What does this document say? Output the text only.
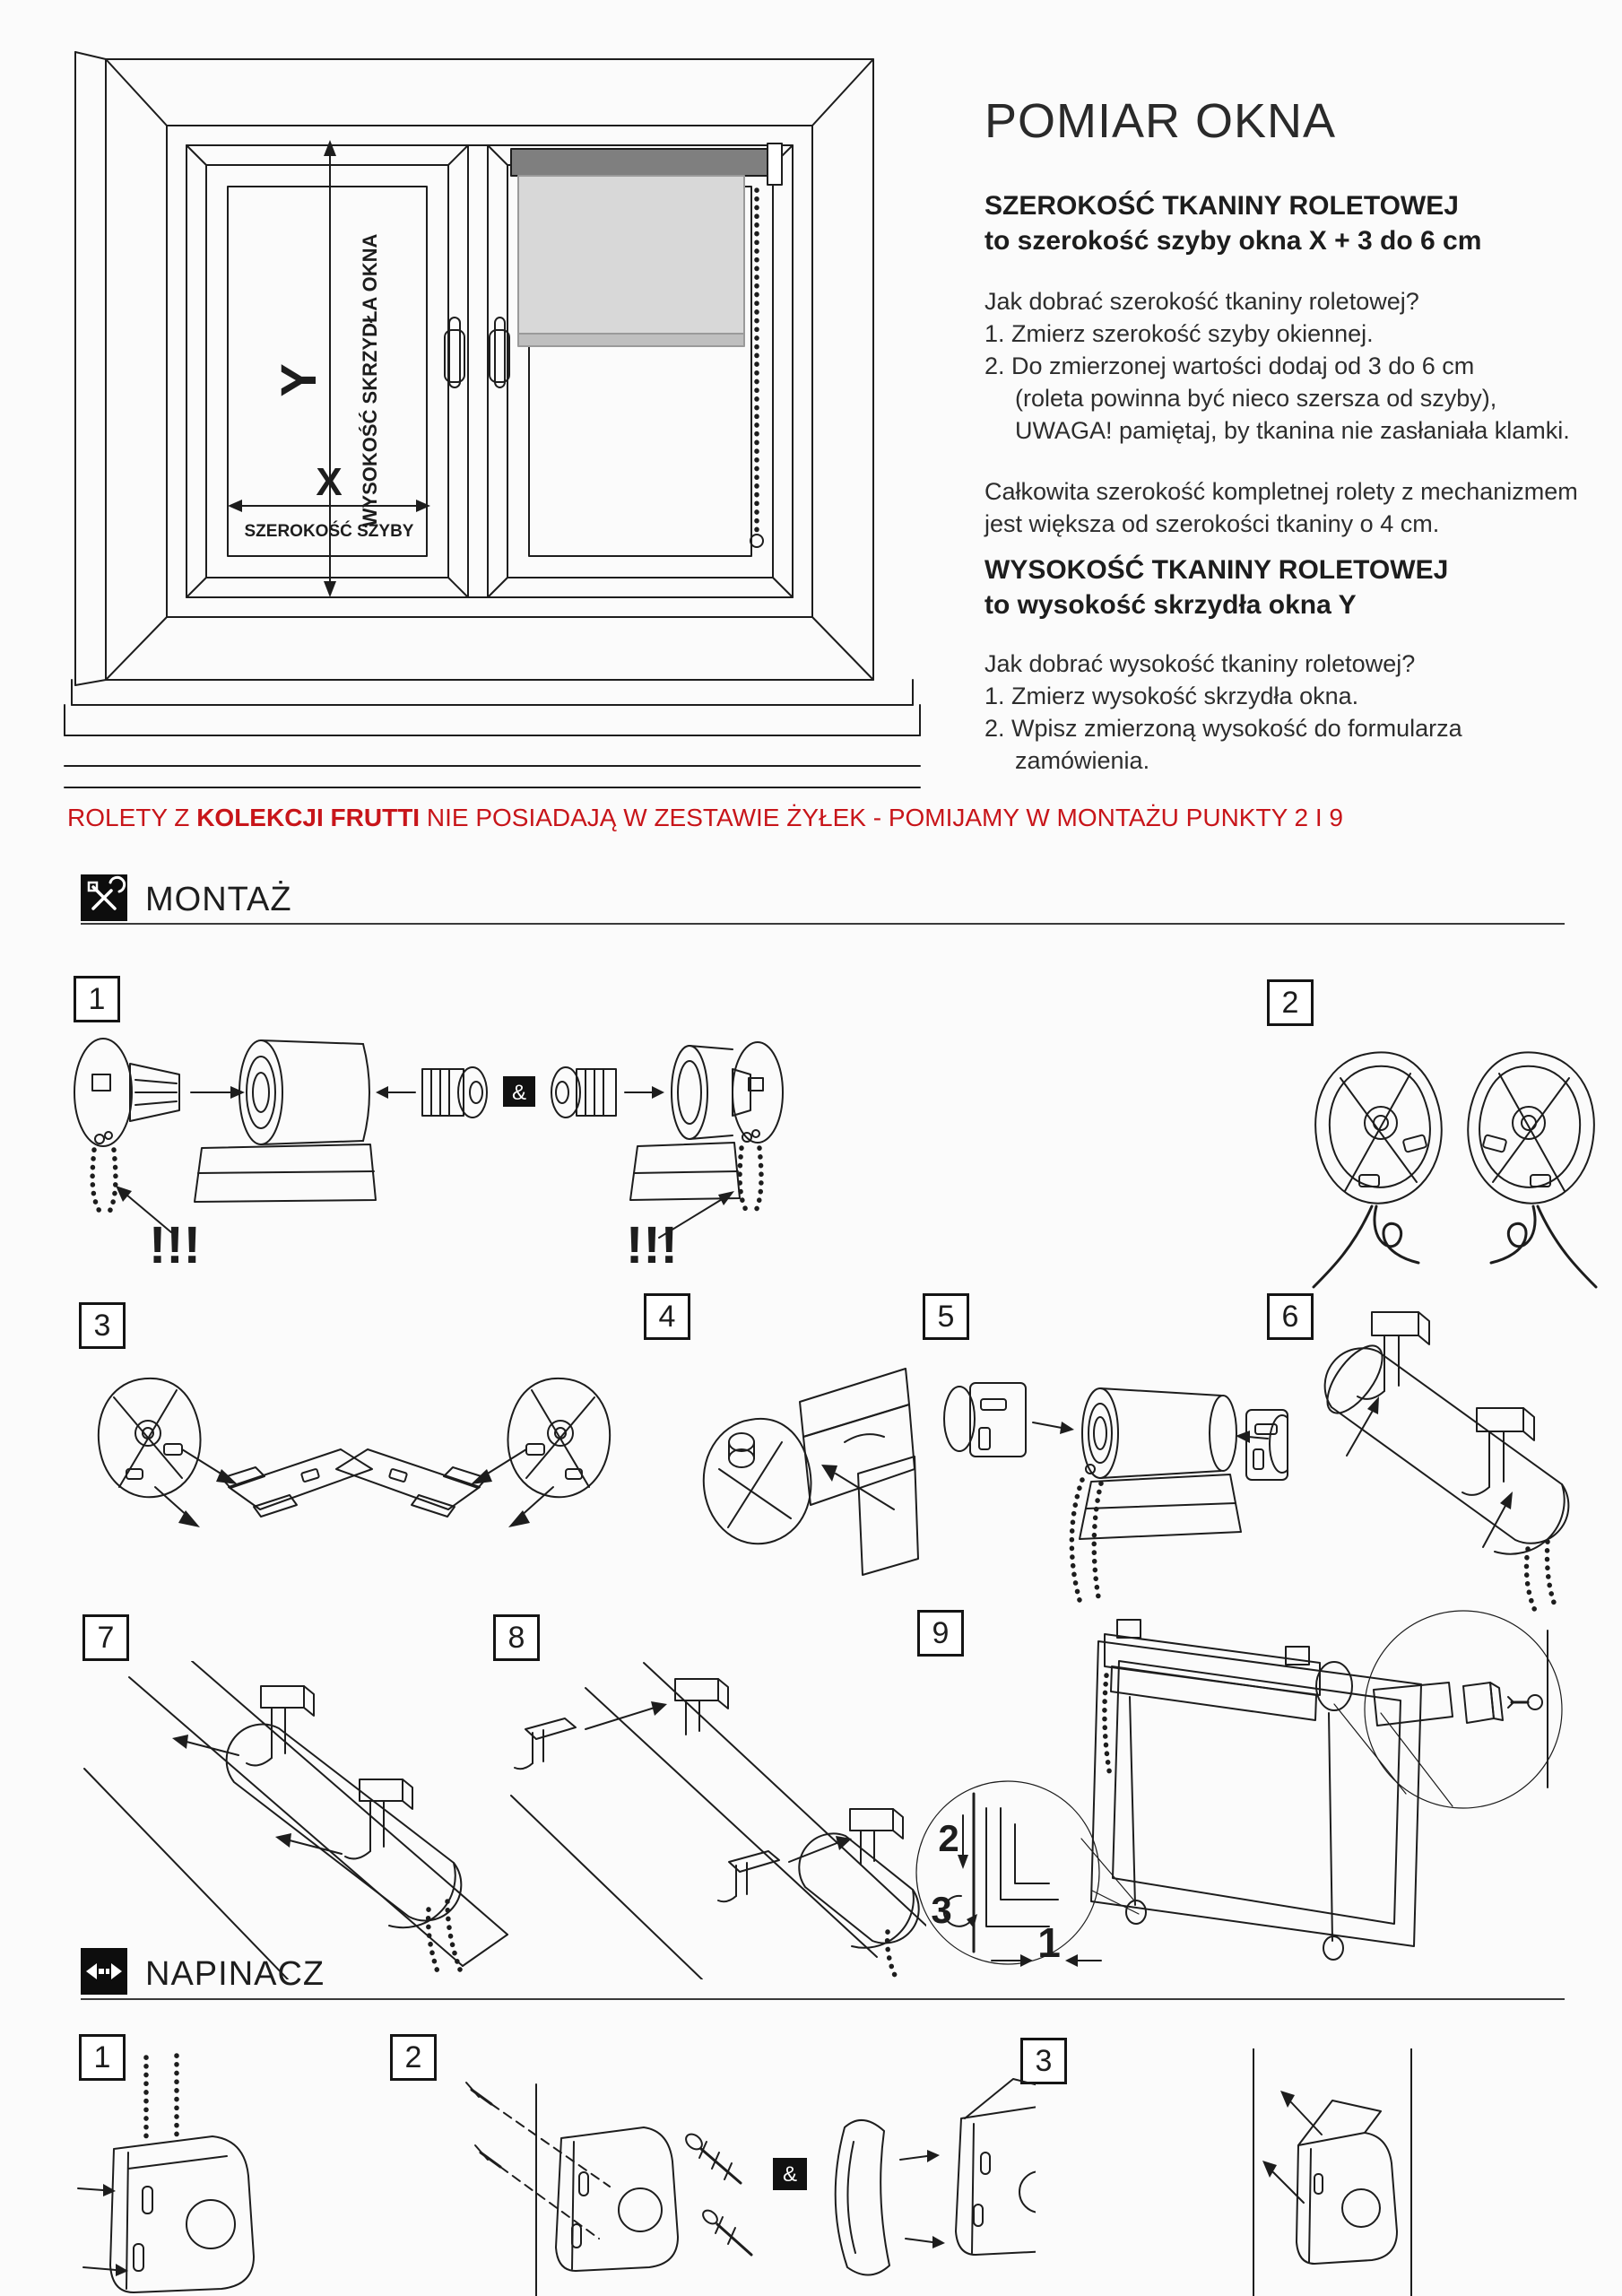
Y WYSOKOŚĆ SKRZYDŁA OKNA
X
SZEROKOŚĆ SZYBY
POMIAR OKNA
SZEROKOŚĆ TKANINY ROLETOWEJ
to szerokość szyby okna X + 3 do 6 cm
Jak dobrać szerokość tkaniny roletowej?
1. Zmierz szerokość szyby okiennej.
2. Do zmierzonej wartości dodaj od 3 do 6 cm
(roleta powinna być nieco szersza od szyby),
UWAGA! pamiętaj, by tkanina nie zasłaniała klamki.
Całkowita szerokość kompletnej rolety z mechanizmem
jest większa od szerokości tkaniny o 4 cm.
WYSOKOŚĆ TKANINY ROLETOWEJ
to wysokość skrzydła okna Y
Jak dobrać wysokość tkaniny roletowej?
1. Zmierz wysokość skrzydła okna.
2. Wpisz zmierzoną wysokość do formularza
zamówienia.
ROLETY Z KOLEKCJI FRUTTI NIE POSIADAJĄ W ZESTAWIE ŻYŁEK - POMIJAMY W MONTAŻU PUNKTY 2 I 9
MONTAŻ
1	2
3	4	5	6
7	8	9
&
!!!	!!!
2
3
1
NAPINACZ
1	2	3
&
